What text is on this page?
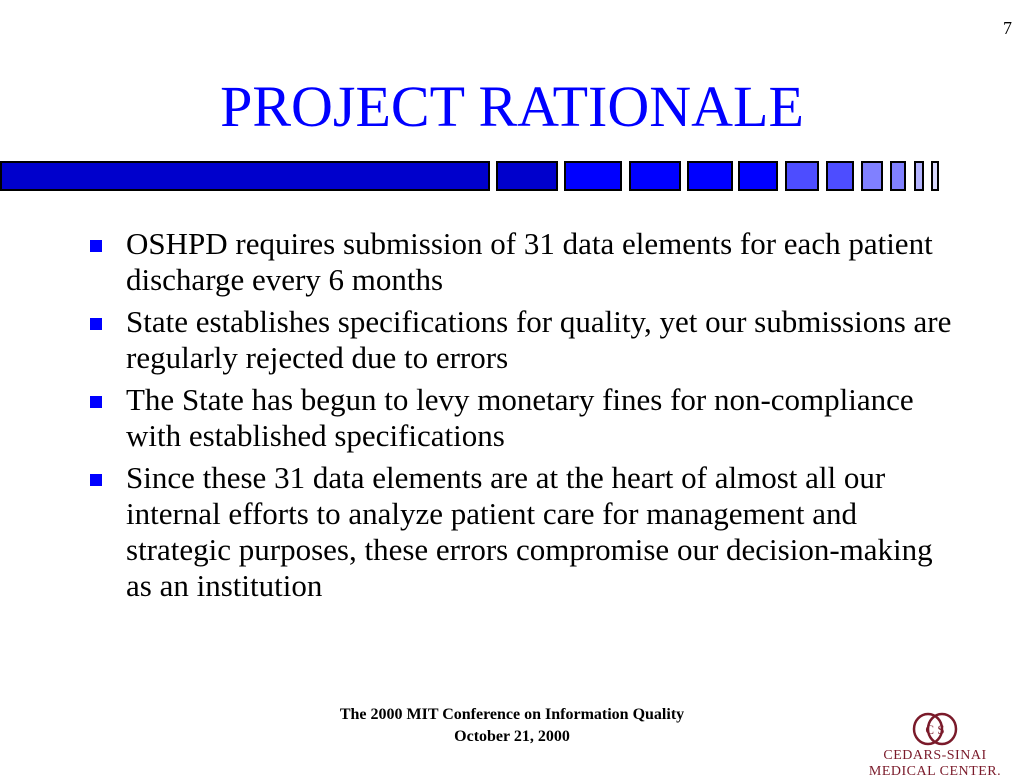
7
PROJECT RATIONALE
OSHPD requires submission of 31 data elements for each patient discharge every 6 months
State establishes specifications for quality, yet our submissions are regularly rejected due to errors
The State has begun to levy monetary fines for non-compliance with established specifications
Since these 31 data elements are at the heart of almost all our internal efforts to analyze patient care for management and strategic purposes, these errors compromise our decision-making as an institution
The 2000 MIT Conference on Information Quality
October 21, 2000	C S
CEDARS-SINAI MEDICAL CENTER.
